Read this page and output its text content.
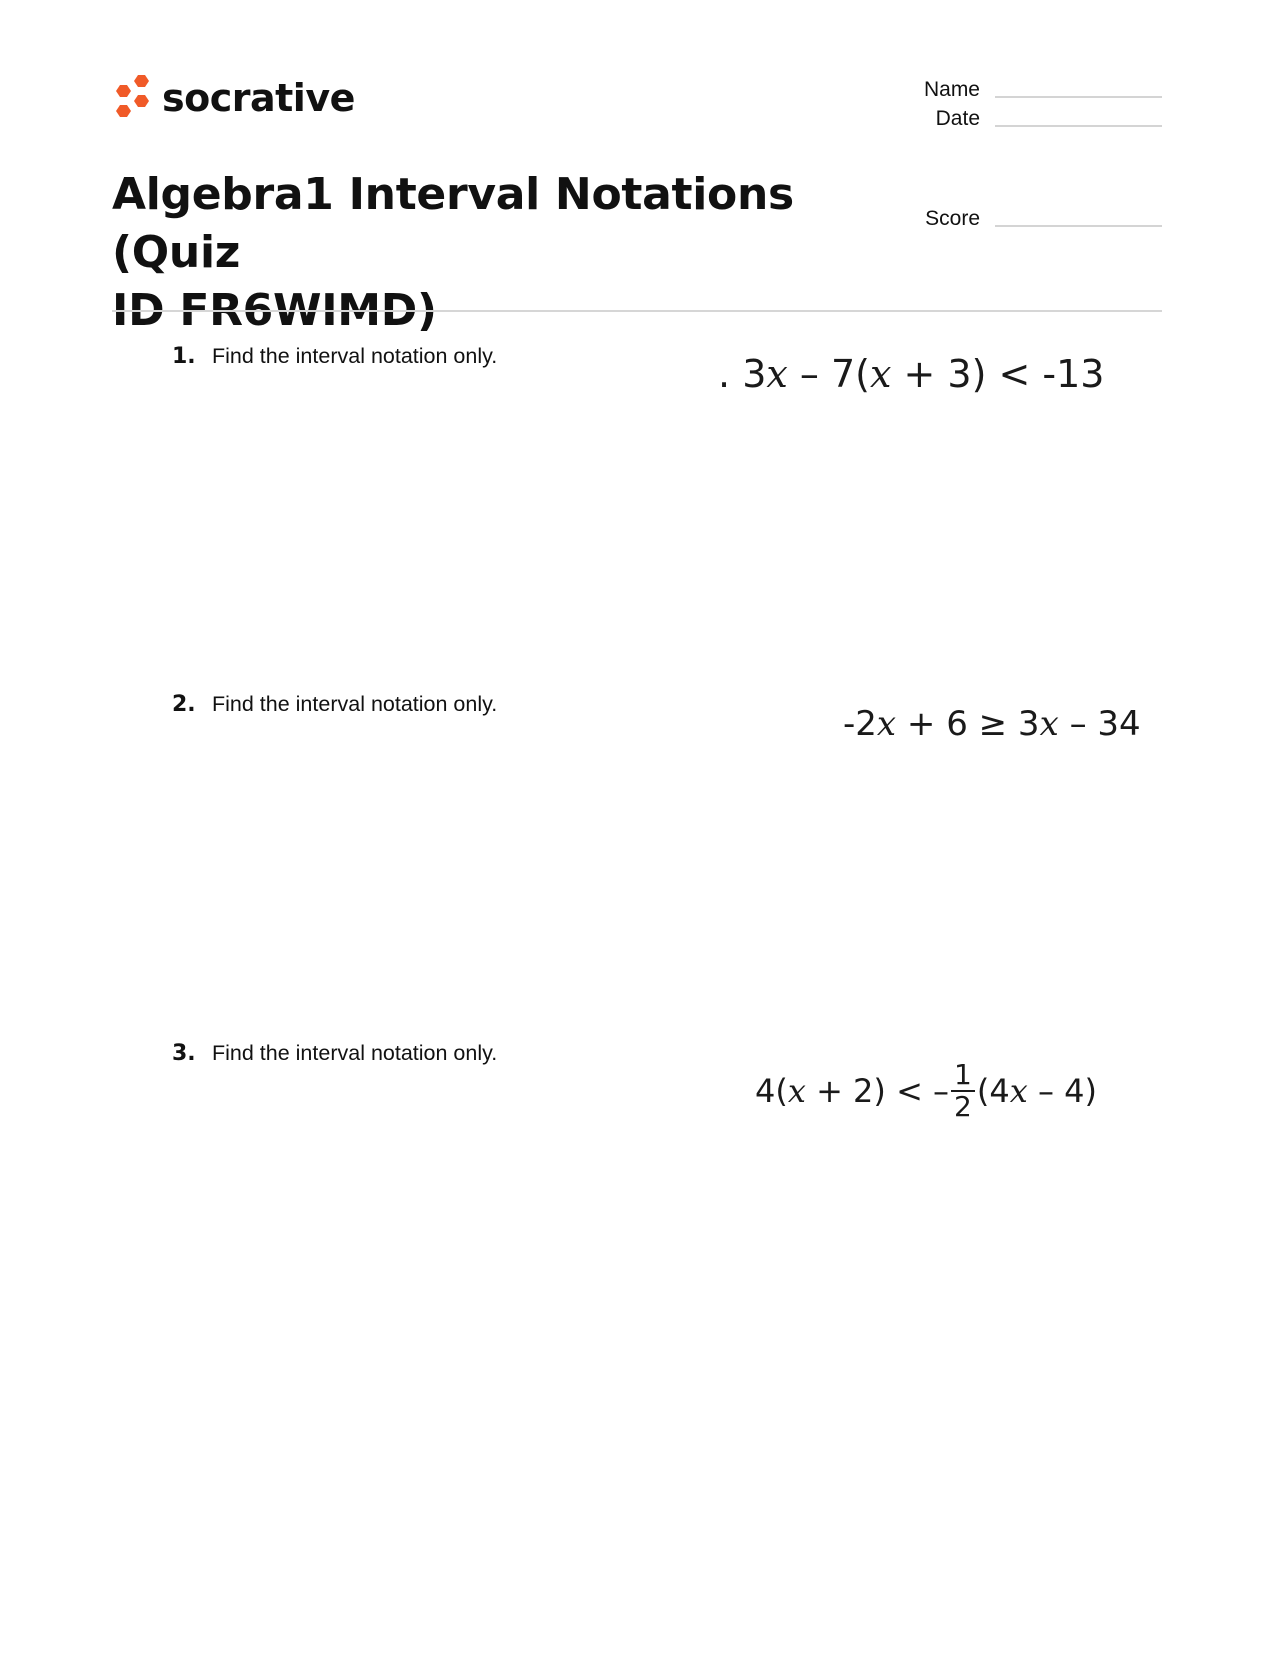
socrative	Name
Date
Score
Algebra1 Interval Notations (Quiz
ID FR6WIMD)
1. Find the interval notation only.	. 3x – 7(x + 3) < -13
2. Find the interval notation only.	-2x + 6 ≥ 3x – 34
3. Find the interval notation only.
4( x + 2) < – $\frac{1}{2} (4$ x – 4)
